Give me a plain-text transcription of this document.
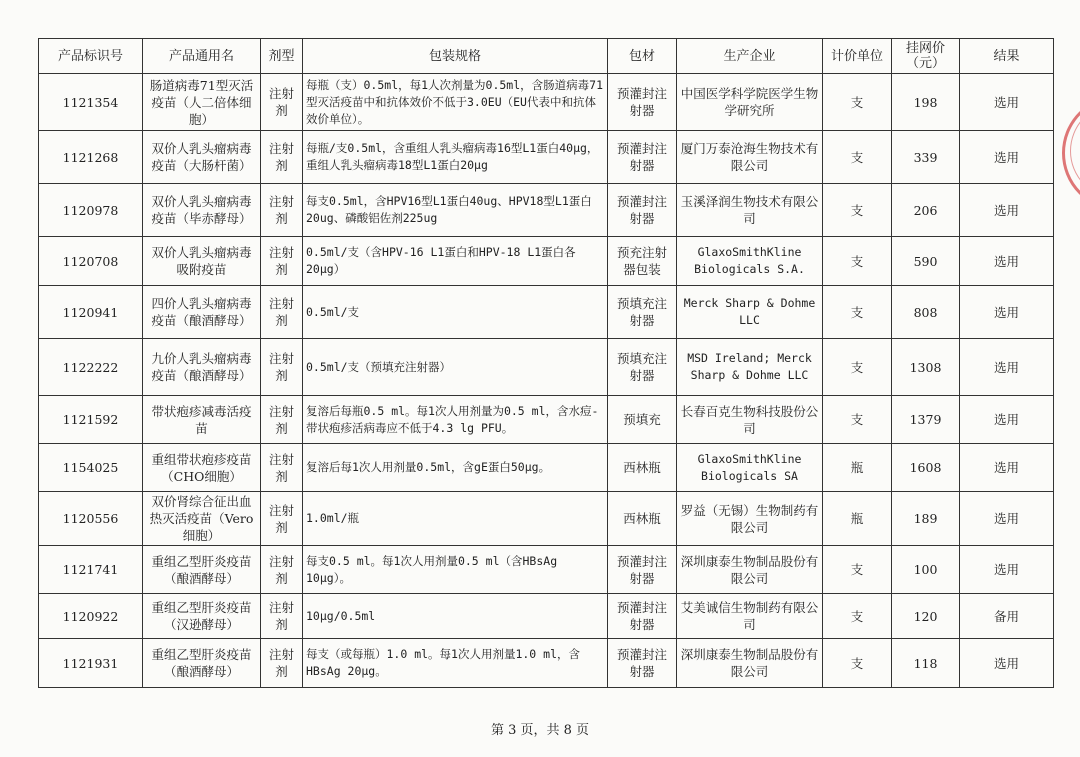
产品标识号	产品通用名	剂型	包装规格	包材	生产企业	计价单位	挂网价（元）	结果
1121354	肠道病毒71型灭活疫苗（人二倍体细胞）	注射剂	每瓶（支）0.5ml，每1人次剂量为0.5ml，含肠道病毒71型灭活疫苗中和抗体效价不低于3.0EU（EU代表中和抗体效价单位）。	预灌封注射器	中国医学科学院医学生物学研究所	支	198	选用
1121268	双价人乳头瘤病毒疫苗（大肠杆菌）	注射剂	每瓶/支0.5ml，含重组人乳头瘤病毒16型L1蛋白40μg，重组人乳头瘤病毒18型L1蛋白20μg	预灌封注射器	厦门万泰沧海生物技术有限公司	支	339	选用
1120978	双价人乳头瘤病毒疫苗（毕赤酵母）	注射剂	每支0.5ml，含HPV16型L1蛋白40ug、HPV18型L1蛋白20ug、磷酸铝佐剂225ug	预灌封注射器	玉溪泽润生物技术有限公司	支	206	选用
1120708	双价人乳头瘤病毒吸附疫苗	注射剂	0.5ml/支（含HPV-16 L1蛋白和HPV-18 L1蛋白各20μg）	预充注射器包装	GlaxoSmithKline Biologicals S.A.	支	590	选用
1120941	四价人乳头瘤病毒疫苗（酿酒酵母）	注射剂	0.5ml/支	预填充注射器	Merck Sharp & Dohme LLC	支	808	选用
1122222	九价人乳头瘤病毒疫苗（酿酒酵母）	注射剂	0.5ml/支（预填充注射器）	预填充注射器	MSD Ireland; Merck Sharp & Dohme LLC	支	1308	选用
1121592	带状疱疹减毒活疫苗	注射剂	复溶后每瓶0.5 ml。每1次人用剂量为0.5 ml，含水痘-带状疱疹活病毒应不低于4.3 lg PFU。	预填充	长春百克生物科技股份公司	支	1379	选用
1154025	重组带状疱疹疫苗（CHO细胞）	注射剂	复溶后每1次人用剂量0.5ml，含gE蛋白50μg。	西林瓶	GlaxoSmithKline Biologicals SA	瓶	1608	选用
1120556	双价肾综合征出血热灭活疫苗（Vero细胞）	注射剂	1.0ml/瓶	西林瓶	罗益（无锡）生物制药有限公司	瓶	189	选用
1121741	重组乙型肝炎疫苗（酿酒酵母）	注射剂	每支0.5 ml。每1次人用剂量0.5 ml（含HBsAg 10μg）。	预灌封注射器	深圳康泰生物制品股份有限公司	支	100	选用
1120922	重组乙型肝炎疫苗（汉逊酵母）	注射剂	10μg/0.5ml	预灌封注射器	艾美诚信生物制药有限公司	支	120	备用
1121931	重组乙型肝炎疫苗（酿酒酵母）	注射剂	每支（或每瓶）1.0 ml。每1次人用剂量1.0 ml，含HBsAg 20μg。	预灌封注射器	深圳康泰生物制品股份有限公司	支	118	选用
第 3 页，共 8 页
